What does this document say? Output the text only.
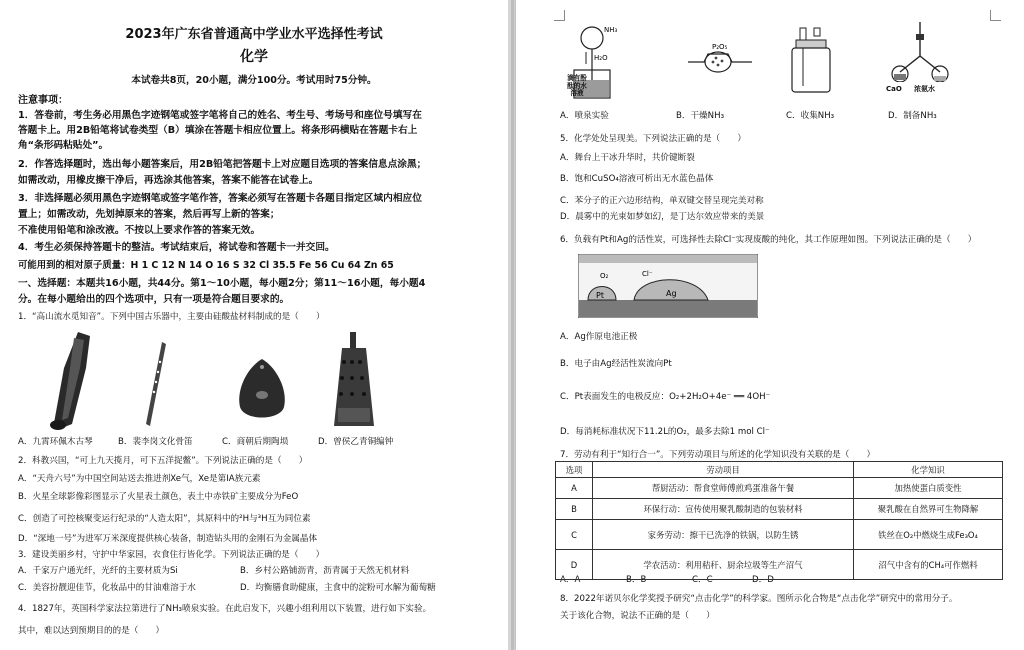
2023年广东省普通高中学业水平选择性考试
化学
本试卷共8页，20小题，满分100分。考试用时75分钟。
注意事项：
1．答卷前，考生务必用黑色字迹钢笔或签字笔将自己的姓名、考生号、考场号和座位号填写在
答题卡上。用2B铅笔将试卷类型（B）填涂在答题卡相应位置上。将条形码横贴在答题卡右上
角“条形码粘贴处”。
2．作答选择题时，选出每小题答案后，用2B铅笔把答题卡上对应题目选项的答案信息点涂黑；
如需改动，用橡皮擦干净后，再选涂其他答案，答案不能答在试卷上。
3．非选择题必须用黑色字迹钢笔或签字笔作答，答案必须写在答题卡各题目指定区域内相应位
置上；如需改动，先划掉原来的答案，然后再写上新的答案；
不准使用铅笔和涂改液。不按以上要求作答的答案无效。
4．考生必须保持答题卡的整洁。考试结束后，将试卷和答题卡一并交回。
可能用到的相对原子质量：H 1 C 12 N 14 O 16 S 32 Cl 35.5 Fe 56 Cu 64 Zn 65
一、选择题：本题共16小题，共44分。第1～10小题，每小题2分；第11～16小题，每小题4
分。在每小题给出的四个选项中，只有一项是符合题目要求的。
1．“高山流水觅知音”。下列中国古乐器中，主要由硅酸盐材料制成的是（　　）
A．九霄环佩木古琴	B．裴李岗文化骨笛	C．商朝后期陶埙	D．曾侯乙青铜编钟
2．科教兴国，“可上九天揽月，可下五洋捉鳖”。下列说法正确的是（　　）
A．“天舟六号”为中国空间站送去推进剂Xe气，Xe是第ⅠA族元素
B．火星全球影像彩图显示了火星表土颜色，表土中赤铁矿主要成分为FeO
C．创造了可控核聚变运行纪录的“人造太阳”，其原料中的²H与³H互为同位素
D．“深地一号”为进军万米深度提供核心装备，制造钻头用的金刚石为金属晶体
3．建设美丽乡村，守护中华家园，衣食住行皆化学。下列说法正确的是（　　）
A．千家万户通光纤，光纤的主要材质为Si	B．乡村公路铺沥青，沥青属于天然无机材料
C．美容扮靓迎佳节，化妆品中的甘油难溶于水	D．均衡膳食助健康，主食中的淀粉可水解为葡萄糖
4．1827年，英国科学家法拉第进行了NH₃喷泉实验。在此启发下，兴趣小组利用以下装置，进行如下实验。
其中，难以达到预期目的的是（　　）
NH₃
H₂O
滴有酚酞的水溶液
P₂O₅
CaO 浓氨水
A．喷泉实验	B．干燥NH₃	C．收集NH₃	D．制备NH₃
5．化学处处呈现美。下列说法正确的是（　　）
A．舞台上干冰升华时，共价键断裂
B．饱和CuSO₄溶液可析出无水蓝色晶体
C．苯分子的正六边形结构，单双键交替呈现完美对称
D．晨雾中的光束如梦如幻，是丁达尔效应带来的美景
6．负载有Pt和Ag的活性炭，可选择性去除Cl⁻实现废酸的纯化，其工作原理如图。下列说法正确的是（　　）
O₂	Cl⁻
Pt	Ag
A．Ag作原电池正极
B．电子由Ag经活性炭流向Pt
C．Pt表面发生的电极反应：O₂+2H₂O+4e⁻ ══ 4OH⁻
D．每消耗标准状况下11.2L的O₂，最多去除1 mol Cl⁻
7．劳动有利于“知行合一”。下列劳动项目与所述的化学知识没有关联的是（　　）
A．A	B．B	C．C	D．D
8．2022年诺贝尔化学奖授予研究“点击化学”的科学家。图所示化合物是“点击化学”研究中的常用分子。
关于该化合物，说法不正确的是（　　）
选项	劳动项目	化学知识
A	帮厨活动：帮食堂师傅煎鸡蛋准备午餐	加热使蛋白质变性
B	环保行动：宣传使用聚乳酸制造的包装材料	聚乳酸在自然界可生物降解
C	家务劳动：擦干已洗净的铁锅，以防生锈	铁丝在O₂中燃烧生成Fe₃O₄
D	学农活动：利用秸秆、厨余垃圾等生产沼气	沼气中含有的CH₄可作燃料
